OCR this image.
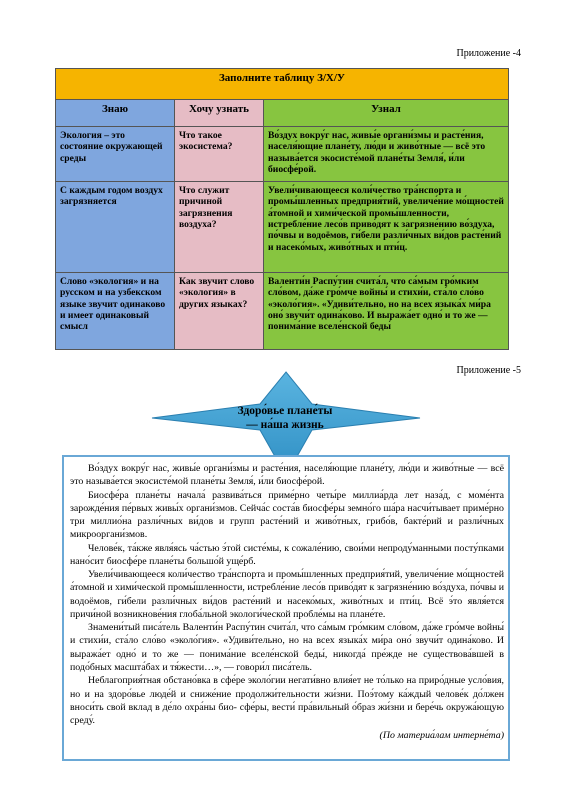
Приложение -4
Заполните таблицу З/Х/У		
Знаю	Хочу узнать	Узнал
Экология – это состояние окружающей среды	Что такое экосистема?	Во́здух вокру́г нас, живы́е органи́змы и расте́ния, населя́ющие плане́ту, лю́ди и живо́тные — всё это называ́ется экосисте́мой плане́ты Земля́, и́ли биосфе́рой.
С каждым годом воздух загрязняется	Что служит причиной загрязнения воздуха?	Увели́чивающееся коли́чество тра́нспорта и промы́шленных предприя́тий, увеличе́ние мо́щностей а́томной и хими́ческой промы́шленности, истребле́ние лесо́в приво́дят к загрязне́нию во́здуха, по́чвы и водоёмов, ги́бели разли́чных ви́дов расте́ний и насеко́мых, живо́тных и пти́ц.
Слово «экология» и на русском и на узбекском языке звучит одинаково и имеет одинаковый смысл	Как звучит слово «экология» в других языках?	Валенти́н Распу́тин счита́л, что са́мым гро́мким сло́вом, да́же гро́мче войны́ и стихи́и, ста́ло сло́во «эколо́гия». «Удиви́тельно, но на всех языка́х ми́ра оно́ звучи́т одина́ково. И выража́ет одно́ и то же — понима́ние вселе́нской беды́
Приложение -5
Здоро́вье плане́ты
— на́ша жизнь

Во́здух вокру́г нас, живы́е органи́змы и расте́ния, населя́ющие плане́ту, лю́ди и живо́тные — всё это называ́ется экосисте́мой плане́ты Земля́, и́ли биосфе́рой.

Биосфе́ра плане́ты начала́ развива́ться приме́рно четы́ре миллиа́рда лет наза́д, с моме́нта зарожде́ния пе́рвых живы́х органи́змов. Сейча́с соста́в биосфе́ры земно́го ша́ра насчи́тывает приме́рно три миллио́на разли́чных ви́дов и групп расте́ний и живо́тных, грибо́в, бакте́рий и разли́чных микрооргани́змов.

Челове́к, та́кже явля́ясь ча́стью э́той систе́мы, к сожале́нию, свои́ми непроду́манными посту́пками нано́сит биосфе́ре плане́ты большо́й уще́рб.

Увели́чивающееся коли́чество тра́нспорта и промы́шленных предприя́тий, увеличе́ние мо́щностей а́томной и хими́ческой промы́шленности, истребле́ние лесо́в приво́дят к загрязне́нию во́здуха, по́чвы и водоёмов, ги́бели разли́чных ви́дов расте́ний и насеко́мых, живо́тных и пти́ц. Всё э́то явля́ется причи́ной возникнове́ния глоба́льной экологи́ческой пробле́мы на плане́те.

Знамени́тый писа́тель Валенти́н Распу́тин счита́л, что са́мым гро́мким сло́вом, да́же гро́мче войны́ и стихи́и, ста́ло сло́во «эколо́гия». «Удиви́тельно, но на всех языка́х ми́ра оно́ звучи́т одина́ково. И выража́ет одно́ и то же — понима́ние вселе́нской беды́, никогда́ пре́жде не существова́вшей в подо́бных масшта́бах и тя́жести…», — говори́л писа́тель.

Неблагоприя́тная обстано́вка в сфе́ре эколо́гии негати́вно влия́ет не то́лько на приро́дные усло́вия, но и на здоро́вье люде́й и сниже́ние продолжи́тельности жи́зни. Поэ́тому ка́ждый челове́к до́лжен вноси́ть свой вклад в де́ло охра́ны био- сфе́ры, вести́ пра́вильный о́браз жи́зни и бере́чь окружа́ющую среду́.

(По материа́лам интерне́та)
